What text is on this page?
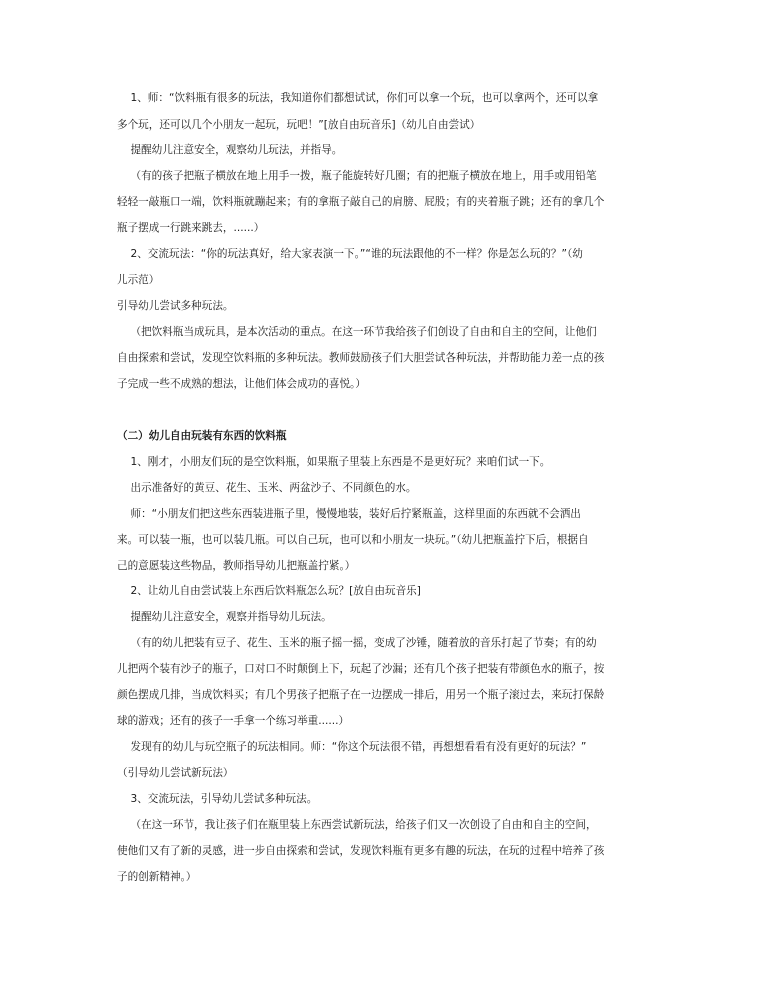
1、师：“饮料瓶有很多的玩法，我知道你们都想试试，你们可以拿一个玩，也可以拿两个，还可以拿

多个玩，还可以几个小朋友一起玩，玩吧！”[放自由玩音乐]（幼儿自由尝试）

提醒幼儿注意安全，观察幼儿玩法，并指导。

（有的孩子把瓶子横放在地上用手一拨，瓶子能旋转好几圈；有的把瓶子横放在地上，用手或用铅笔

轻轻一敲瓶口一端，饮料瓶就蹦起来；有的拿瓶子敲自己的肩膀、屁股；有的夹着瓶子跳；还有的拿几个

瓶子摆成一行跳来跳去，......）

2、交流玩法：“你的玩法真好，给大家表演一下。”“谁的玩法跟他的不一样？你是怎么玩的？”（幼

儿示范）

引导幼儿尝试多种玩法。

（把饮料瓶当成玩具，是本次活动的重点。在这一环节我给孩子们创设了自由和自主的空间，让他们

自由探索和尝试，发现空饮料瓶的多种玩法。教师鼓励孩子们大胆尝试各种玩法，并帮助能力差一点的孩

子完成一些不成熟的想法，让他们体会成功的喜悦。）

（二）幼儿自由玩装有东西的饮料瓶

1、刚才，小朋友们玩的是空饮料瓶，如果瓶子里装上东西是不是更好玩？来咱们试一下。

出示准备好的黄豆、花生、玉米、两盆沙子、不同颜色的水。

师：“小朋友们把这些东西装进瓶子里，慢慢地装，装好后拧紧瓶盖，这样里面的东西就不会洒出

来。可以装一瓶，也可以装几瓶。可以自己玩，也可以和小朋友一块玩。”（幼儿把瓶盖拧下后，根据自

己的意愿装这些物品，教师指导幼儿把瓶盖拧紧。）

2、让幼儿自由尝试装上东西后饮料瓶怎么玩？[放自由玩音乐]

提醒幼儿注意安全，观察并指导幼儿玩法。

（有的幼儿把装有豆子、花生、玉米的瓶子摇一摇，变成了沙锤，随着放的音乐打起了节奏；有的幼

儿把两个装有沙子的瓶子，口对口不时颠倒上下，玩起了沙漏；还有几个孩子把装有带颜色水的瓶子，按

颜色摆成几排，当成饮料买；有几个男孩子把瓶子在一边摆成一排后，用另一个瓶子滚过去，来玩打保龄

球的游戏；还有的孩子一手拿一个练习举重......）

发现有的幼儿与玩空瓶子的玩法相同。师：“你这个玩法很不错，再想想看看有没有更好的玩法？”

（引导幼儿尝试新玩法）

3、交流玩法，引导幼儿尝试多种玩法。

（在这一环节，我让孩子们在瓶里装上东西尝试新玩法，给孩子们又一次创设了自由和自主的空间，

使他们又有了新的灵感，进一步自由探索和尝试，发现饮料瓶有更多有趣的玩法，在玩的过程中培养了孩

子的创新精神。）
